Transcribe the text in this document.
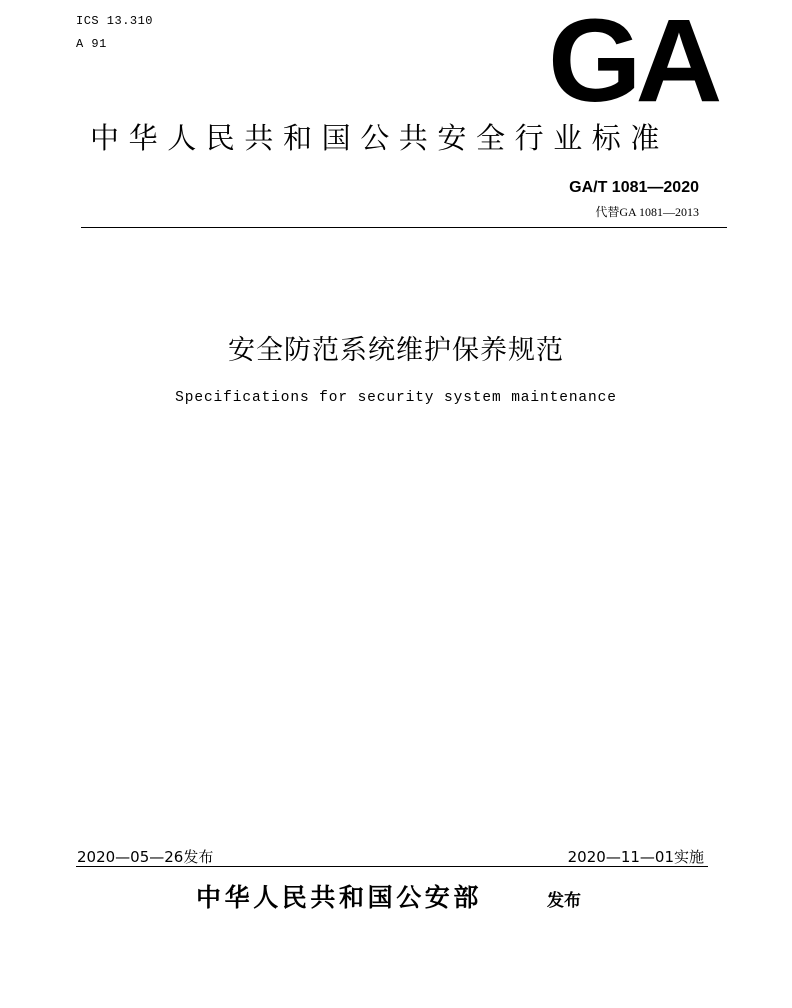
ICS 13.310
A 91	GA
中华人民共和国公共安全行业标准
GA/T 1081—2020
代替GA 1081—2013
安全防范系统维护保养规范
Specifications for security system maintenance
2020—05—26发布	2020—11—01实施
中华人民共和国公安部	发布
